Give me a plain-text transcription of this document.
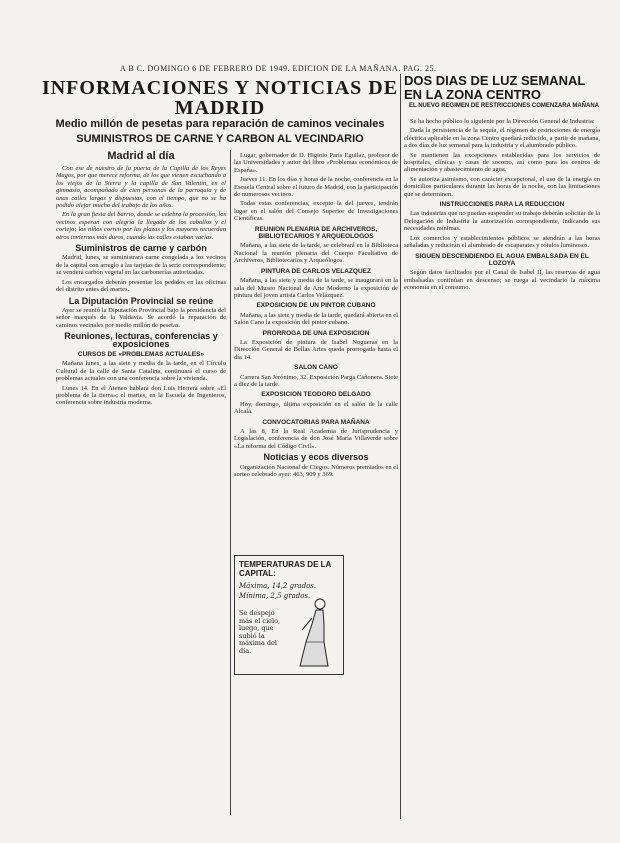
A B C. DOMINGO 6 DE FEBRERO DE 1949. EDICION DE LA MAÑANA. PAG. 25.
INFORMACIONES Y NOTICIAS DE MADRID
Medio millón de pesetas para reparación de caminos vecinales
SUMINISTROS DE CARNE Y CARBON AL VECINDARIO
Madrid al día

Con ese de nuestro de la puerta de la Capilla de los Reyes Magos, por que merece reforma, de los que vienen escuchando a los viejos de la Sierra y la capilla de San Valentín, en el gimnasio, acompañado de cien personas de la parroquia y de unas calles largas y dispuestas, con el tiempo, que no se ha podido alejar mucho del trabajo de los años.

En la gran fiesta del barrio, donde se celebra la procesión, los vecinos esperan con alegría la llegada de los caballos y el cortejo; los niños corren por las plazas y los mayores recuerdan otros inviernos más duros, cuando las calles estaban vacías.

Suministros de carne y carbón

Madrid, lunes, se suministrará carne congelada a los vecinos de la capital con arreglo a las tarjetas de la serie correspondiente; se venderá carbón vegetal en las carbonerías autorizadas.

Los encargados deberán presentar los pedidos en las oficinas del distrito antes del martes.

La Diputación Provincial se reúne

Ayer se reunió la Diputación Provincial bajo la presidencia del señor marqués de la Valdavia. Se acordó la reparación de caminos vecinales por medio millón de pesetas.

Reuniones, lecturas, conferencias y exposiciones
CURSOS DE «PROBLEMAS ACTUALES»

Mañana lunes, a las siete y media de la tarde, en el Círculo Cultural de la calle de Santa Catalina, continuará el curso de problemas actuales con una conferencia sobre la vivienda.

Lunes 14. En el Ateneo hablará don Luis Herrera sobre «El problema de la tierra»; el martes, en la Escuela de Ingenieros, conferencia sobre industria moderna.

Lugar, gobernador de D. Higinio París Eguilaz, profesor de las Universidades y autor del libro «Problemas económicos de España».

Jueves 11. En los días y horas de la noche, conferencia en la Escuela Central sobre el futuro de Madrid, con la participación de numerosos vecinos.

Todas estas conferencias, excepto la del jueves, tendrán lugar en el salón del Consejo Superior de Investigaciones Científicas.

REUNION PLENARIA DE ARCHIVEROS, BIBLIOTECARIOS Y ARQUEOLOGOS

Mañana, a las siete de la tarde, se celebrará en la Biblioteca Nacional la reunión plenaria del Cuerpo Facultativo de Archiveros, Bibliotecarios y Arqueólogos.

PINTURA DE CARLOS VELAZQUEZ

Mañana, a las siete y media de la tarde, se inaugurará en la sala del Museo Nacional de Arte Moderno la exposición de pintura del joven artista Carlos Velázquez.

EXPOSICION DE UN PINTOR CUBANO

Mañana, a las siete y media de la tarde, quedará abierta en el Salón Cano la exposición del pintor cubano.

PRORROGA DE UNA EXPOSICION

La Exposición de pintura de Isabel Nogueras en la Dirección General de Bellas Artes queda prorrogada hasta el día 14.

SALON CANO

Carrera San Jerónimo, 32. Exposición Parga Cañonera. Siete a diez de la tarde.

EXPOSICION TEODORO DELGADO

Hoy, domingo, última exposición en el salón de la calle Alcalá.

CONVOCATORIAS PARA MAÑANA

A las 8, En la Real Academia de Jurisprudencia y Legislación, conferencia de don José María Villaverde sobre «La reforma del Código Civil».

Noticias y ecos diversos

Organización Nacional de Ciegos. Números premiados en el sorteo celebrado ayer: 463, 909 y 369.

TEMPERATURAS DE LA CAPITAL:
Máxima, 14,2 grados.
Mínima, 2,5 grados.
Se despejó más el cielo, luego, que subió la máxima del día.
DOS DIAS DE LUZ SEMANAL EN LA ZONA CENTRO
EL NUEVO REGIMEN DE RESTRICCIONES COMENZARA MAÑANA

Se ha hecho público lo siguiente por la Dirección General de Industria:

Dada la persistencia de la sequía, el régimen de restricciones de energía eléctrica aplicable en la zona Centro quedará reducido, a partir de mañana, a dos días de luz semanal para la industria y el alumbrado público.

Se mantienen las excepciones establecidas para los servicios de hospitales, clínicas y casas de socorro, así como para los centros de alimentación y abastecimiento de agua.

Se autoriza asimismo, con carácter excepcional, el uso de la energía en domicilios particulares durante las horas de la noche, con las limitaciones que se determinen.

INSTRUCCIONES PARA LA REDUCCION

Las industrias que no puedan suspender su trabajo deberán solicitar de la Delegación de Industria la autorización correspondiente, indicando sus necesidades mínimas.

Los comercios y establecimientos públicos se atendrán a las horas señaladas y reducirán el alumbrado de escaparates y rótulos luminosos.

SIGUEN DESCENDIENDO EL AGUA EMBALSADA EN EL LOZOYA

Según datos facilitados por el Canal de Isabel II, las reservas de agua embalsadas continúan en descenso; se ruega al vecindario la máxima economía en el consumo.
